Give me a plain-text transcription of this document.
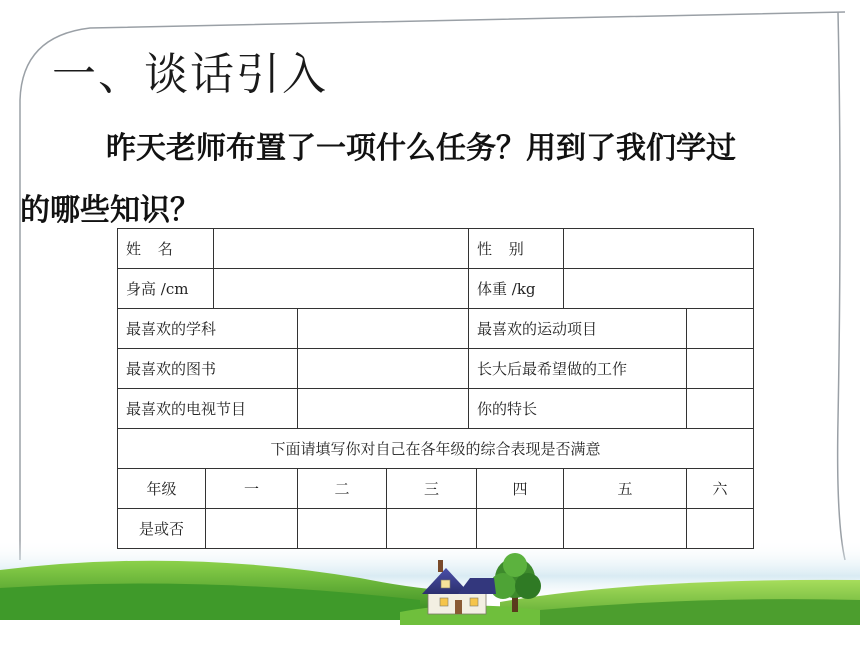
一、谈话引入

昨天老师布置了一项什么任务？用到了我们学过
的哪些知识？

姓 名					性 别			
身高 /cm					体重 /kg			
最喜欢的学科					最喜欢的运动项目			
最喜欢的图书					长大后最希望做的工作			
最喜欢的电视节目					你的特长			
下面请填写你对自己在各年级的综合表现是否满意								
年级	一		二	三		四	五	六
是或否								
